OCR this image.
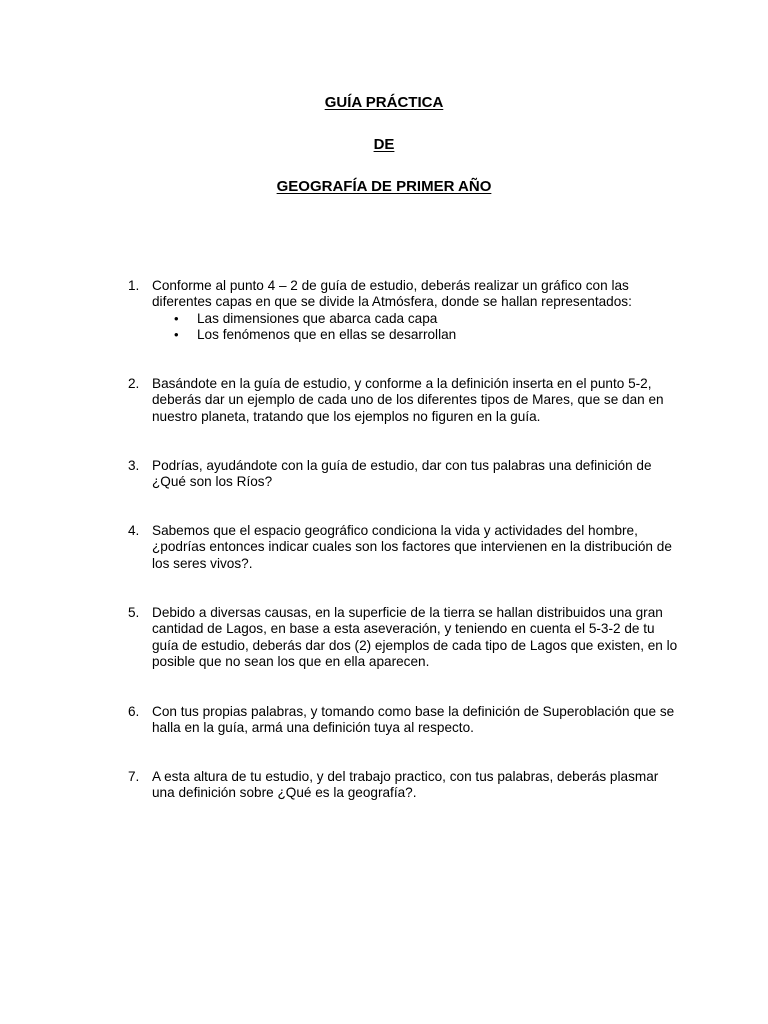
GUÍA PRÁCTICA
DE
GEOGRAFÍA DE PRIMER AÑO
1. Conforme al punto 4 – 2 de guía de estudio, deberás realizar un gráfico con las diferentes capas en que se divide la Atmósfera, donde se hallan representados:
• Las dimensiones que abarca cada capa
• Los fenómenos que en ellas se desarrollan
2. Basándote en la guía de estudio, y conforme a la definición inserta en el punto 5-2, deberás dar un ejemplo de cada uno de los diferentes tipos de Mares, que se dan en nuestro planeta, tratando que los ejemplos no figuren en la guía.
3. Podrías, ayudándote con la guía de estudio, dar con tus palabras una definición de ¿Qué son los Ríos?
4. Sabemos que el espacio geográfico condiciona la vida y actividades del hombre, ¿podrías entonces indicar cuales son los factores que intervienen en la distribución de los seres vivos?.
5. Debido a diversas causas, en la superficie de la tierra se hallan distribuidos una gran cantidad de Lagos, en base a esta aseveración, y teniendo en cuenta el 5-3-2 de tu guía de estudio, deberás dar dos (2) ejemplos de cada tipo de Lagos que existen, en lo posible que no sean los que en ella aparecen.
6. Con tus propias palabras, y tomando como base la definición de Superoblación que se halla en la guía, armá una definición tuya al respecto.
7. A esta altura de tu estudio, y del trabajo practico, con tus palabras, deberás plasmar una definición sobre ¿Qué es la geografía?.
